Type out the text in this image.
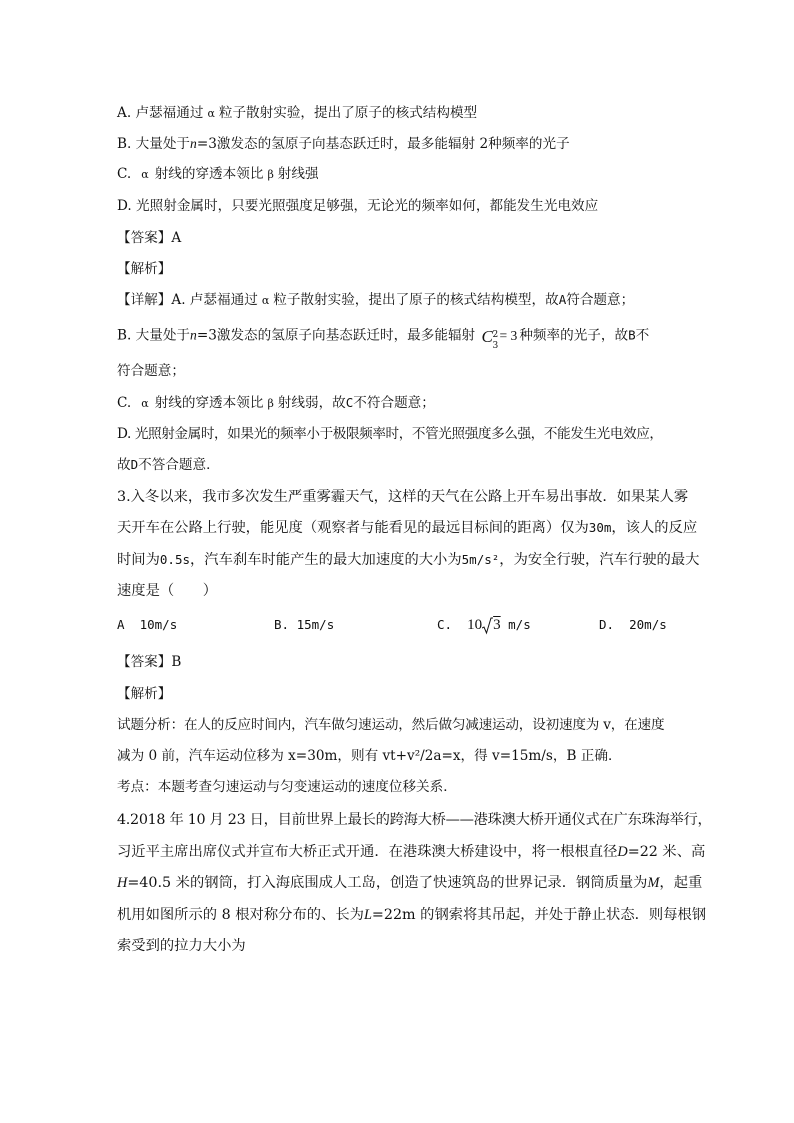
A. 卢瑟福通过 α 粒子散射实验，提出了原子的核式结构模型
B. 大量处于n=3激发态的氢原子向基态跃迁时，最多能辐射 2种频率的光子
C. α 射线的穿透本领比 β 射线强
D. 光照射金属时，只要光照强度足够强，无论光的频率如何，都能发生光电效应
【答案】A
【解析】
【详解】A. 卢瑟福通过 α 粒子散射实验，提出了原子的核式结构模型，故A符合题意；
B. 大量处于n=3激发态的氢原子向基态跃迁时，最多能辐射 C 2
3
= 3 种频率的光子，故B不
符合题意；
C. α 射线的穿透本领比 β 射线弱，故C不符合题意；
D. 光照射金属时，如果光的频率小于极限频率时，不管光照强度多么强，不能发生光电效应，
故D不答合题意．
3.入冬以来，我市多次发生严重雾霾天气，这样的天气在公路上开车易出事故．如果某人雾
天开车在公路上行驶，能见度（观察者与能看见的最远目标间的距离）仅为30m，该人的反应
时间为0.5s，汽车刹车时能产生的最大加速度的大小为5m/s²，为安全行驶，汽车行驶的最大
速度是（　　）
A 10m/s	B. 15m/s	C. 10 3 m/s	D. 20m/s
【答案】B
【解析】
试题分析：在人的反应时间内，汽车做匀速运动，然后做匀减速运动，设初速度为 v，在速度
减为 0 前，汽车运动位移为 x=30m，则有 vt+v²/2a=x，得 v=15m/s，B 正确．
考点：本题考查匀速运动与匀变速运动的速度位移关系．
4.2018 年 10 月 23 日，目前世界上最长的跨海大桥——港珠澳大桥开通仪式在广东珠海举行，
习近平主席出席仪式并宣布大桥正式开通．在港珠澳大桥建设中，将一根根直径D=22 米、高
H=40.5 米的钢筒，打入海底围成人工岛，创造了快速筑岛的世界记录．钢筒质量为M，起重
机用如图所示的 8 根对称分布的、长为L=22m 的钢索将其吊起，并处于静止状态．则每根钢
索受到的拉力大小为
